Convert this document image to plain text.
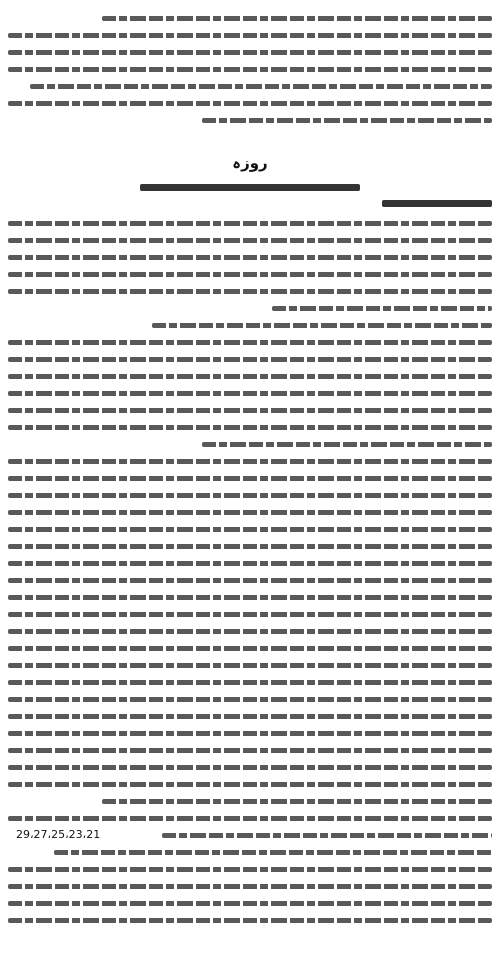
روزہ
29،27،25،23،21
